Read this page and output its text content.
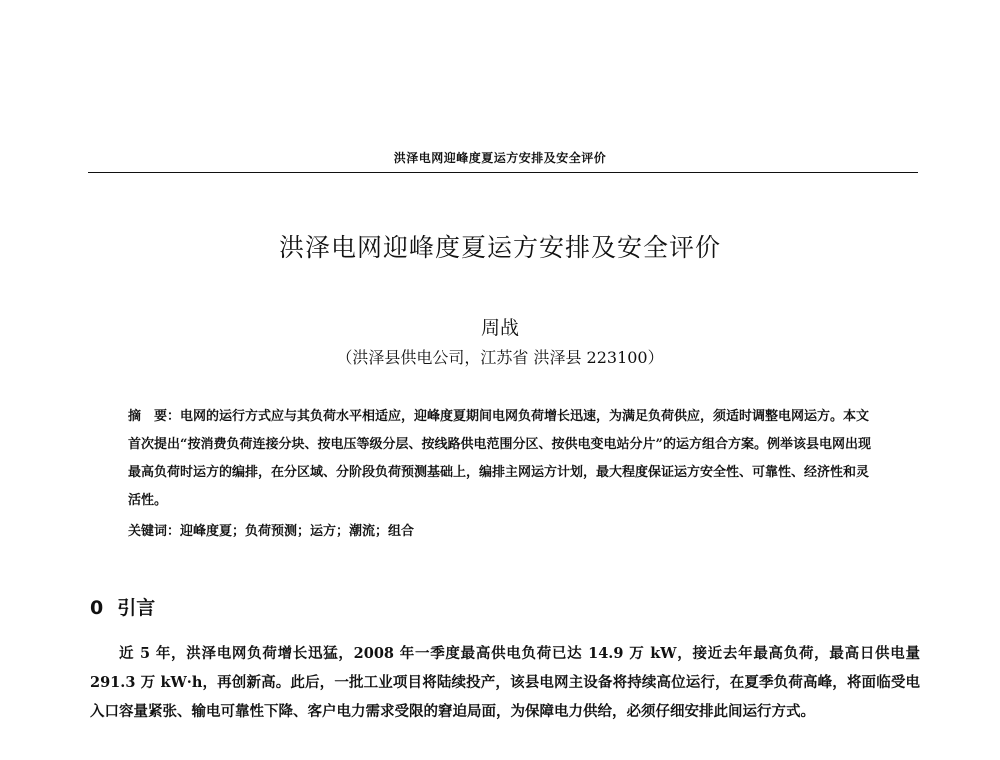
洪泽电网迎峰度夏运方安排及安全评价
洪泽电网迎峰度夏运方安排及安全评价
周战
（洪泽县供电公司，江苏省 洪泽县 223100）
摘　要：电网的运行方式应与其负荷水平相适应，迎峰度夏期间电网负荷增长迅速，为满足负荷供应，须适时调整电网运方。本文首次提出“按消费负荷连接分块、按电压等级分层、按线路供电范围分区、按供电变电站分片”的运方组合方案。例举该县电网出现最高负荷时运方的编排，在分区域、分阶段负荷预测基础上，编排主网运方计划，最大程度保证运方安全性、可靠性、经济性和灵活性。
关键词：迎峰度夏；负荷预测；运方；潮流；组合
0 引言
近 5 年，洪泽电网负荷增长迅猛，2008 年一季度最高供电负荷已达 14.9 万 kW，接近去年最高负荷，最高日供电量 291.3 万 kW·h，再创新高。此后，一批工业项目将陆续投产，该县电网主设备将持续高位运行，在夏季负荷高峰，将面临受电入口容量紧张、输电可靠性下降、客户电力需求受限的窘迫局面，为保障电力供给，必须仔细安排此间运行方式。
